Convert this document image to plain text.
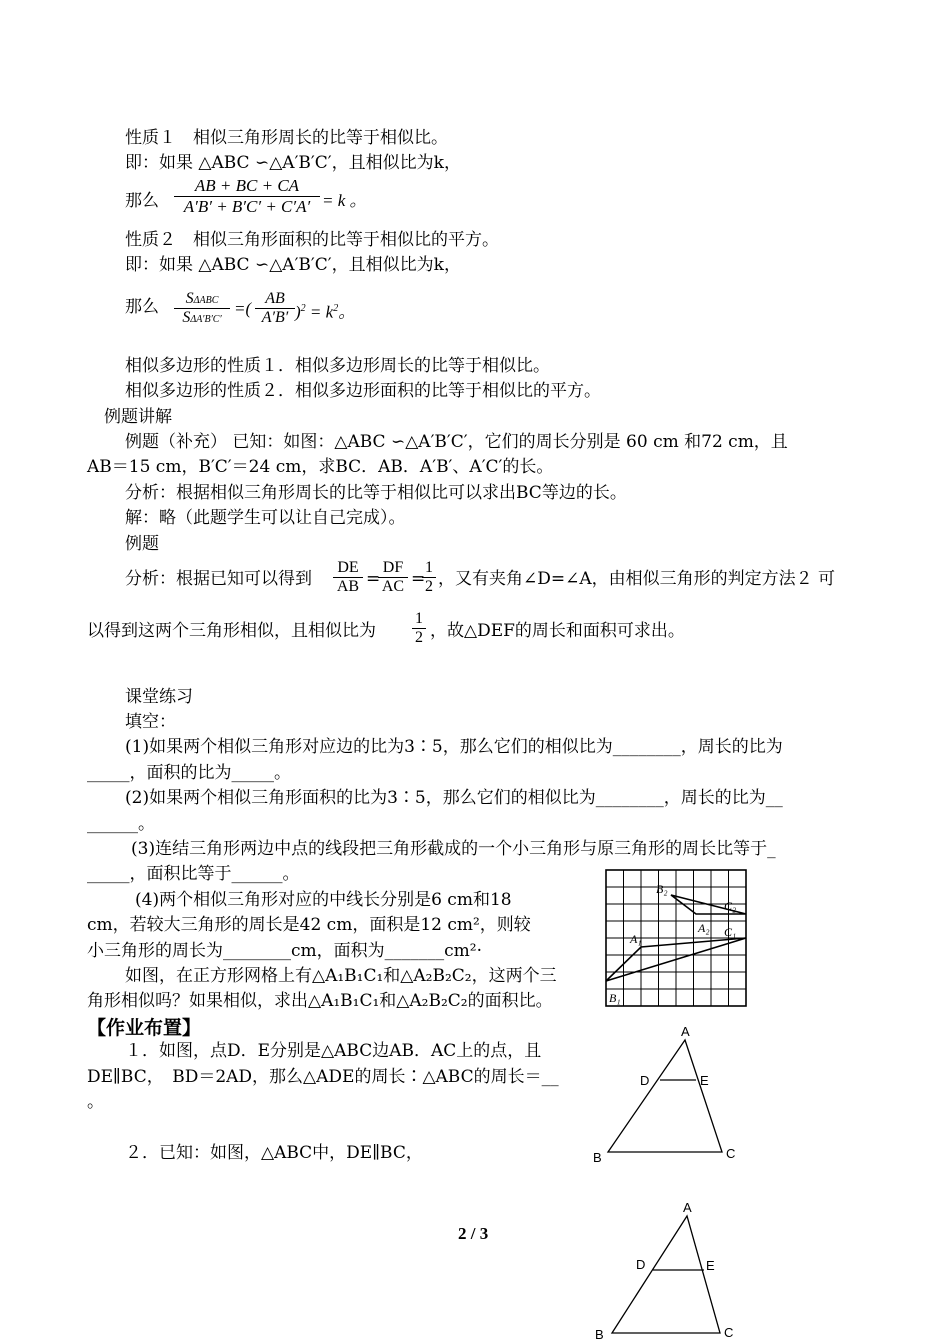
性质１　相似三角形周长的比等于相似比。
即：如果 △ABC ∽△A′B′C′，且相似比为k，
那么 $\frac{AB + BC + CA}{A'B' + B'C' + C'A'} = k$ 。
性质２　相似三角形面积的比等于相似比的平方。
即：如果 △ABC ∽△A′B′C′，且相似比为k，
那么	SΔABC
SΔA′B′C′
=( $\frac{AB}{A'B'} )^2 = k^2$。
相似多边形的性质１．相似多边形周长的比等于相似比。
相似多边形的性质２．相似多边形面积的比等于相似比的平方。
例题讲解
例题（补充） 已知：如图：△ABC ∽△A′B′C′，它们的周长分别是 60 cm 和72 cm，且
AB＝15 cm，B′C′＝24 cm，求BC．AB．A′B′、A′C′的长。
分析：根据相似三角形周长的比等于相似比可以求出BC等边的长。
解：略（此题学生可以让自己完成）。
例题
分析：根据已知可以得到 $\frac{DE}{AB}$ =
$\frac{DF}{AC}$ =
$\frac{1}{2}$ ，又有夹角∠D=∠A，由相似三角形的判定方法２ 可
以得到这两个三角形相似，且相似比为 $\frac{1}{2}$ ，故△DEF的周长和面积可求出。
课堂练习
填空：
(1)如果两个相似三角形对应边的比为3∶5，那么它们的相似比为________，周长的比为
_____，面积的比为_____。
(2)如果两个相似三角形面积的比为3∶5，那么它们的相似比为________，周长的比为__
______。
(3)连结三角形两边中点的线段把三角形截成的一个小三角形与原三角形的周长比等于_
_____，面积比等于______。
(4)两个相似三角形对应的中线长分别是6 cm和18
cm，若较大三角形的周长是42 cm，面积是12 cm²，则较
小三角形的周长为________cm，面积为_______cm²·
如图，在正方形网格上有△A₁B₁C₁和△A₂B₂C₂，这两个三
角形相似吗？如果相似，求出△A₁B₁C₁和△A₂B₂C₂的面积比。
【作业布置】
１．如图，点D．E分别是△ABC边AB．AC上的点，且
DE∥BC，　BD＝2AD，那么△ADE的周长∶△ABC的周长＝__
。
２．已知：如图，△ABC中，DE∥BC，
2 / 3
B₂
C₂
A₁
A₂ C₁
B₁
A
D	E
B	C
A
D	E
B	C
